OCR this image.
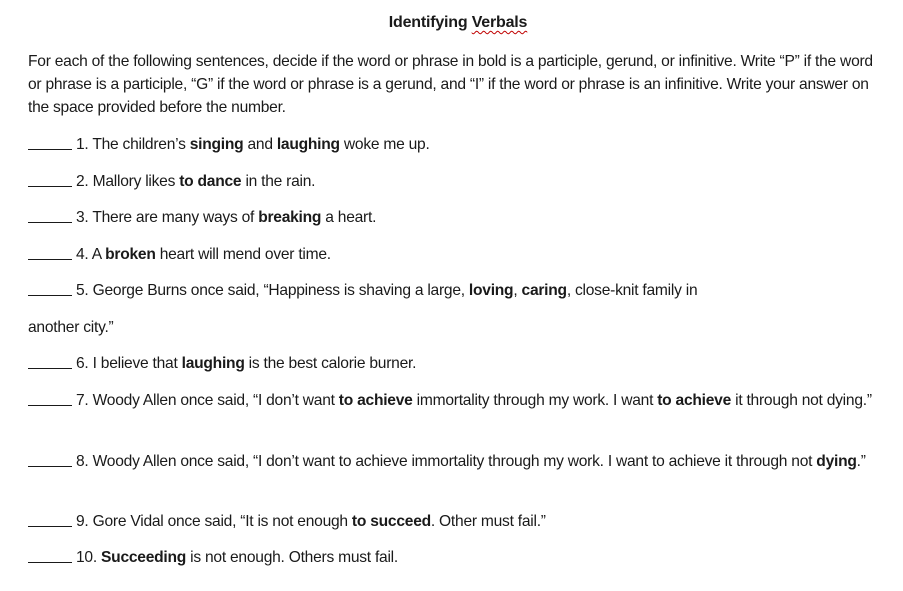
Identifying Verbals
For each of the following sentences, decide if the word or phrase in bold is a participle, gerund, or infinitive. Write “P” if the word or phrase is a participle, “G” if the word or phrase is a gerund, and “I” if the word or phrase is an infinitive. Write your answer on the space provided before the number.
1. The children’s singing and laughing woke me up.
2. Mallory likes to dance in the rain.
3. There are many ways of breaking a heart.
4. A broken heart will mend over time.
5. George Burns once said, “Happiness is shaving a large, loving, caring, close-knit family in
another city.”
6. I believe that laughing is the best calorie burner.
7. Woody Allen once said, “I don’t want to achieve immortality through my work. I want to achieve it through not dying.”
8. Woody Allen once said, “I don’t want to achieve immortality through my work. I want to achieve it through not dying.”
9. Gore Vidal once said, “It is not enough to succeed. Other must fail.”
10. Succeeding is not enough. Others must fail.
